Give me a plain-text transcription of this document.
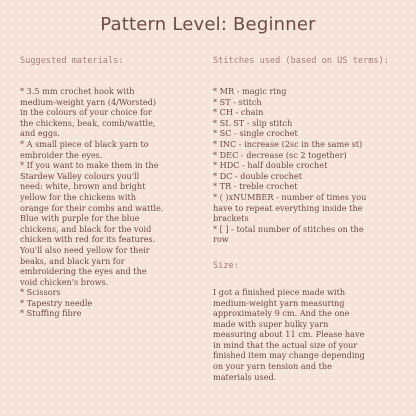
Pattern Level: Beginner
Suggested materials:
* 3.5 mm crochet hook with
medium-weight yarn (4/Worsted)
in the colours of your choice for
the chickens, beak, comb/wattle,
and eggs.
* A small piece of black yarn to
embroider the eyes.
* If you want to make them in the
Stardew Valley colours you'll
need: white, brown and bright
yellow for the chickens with
orange for their combs and wattle.
Blue with purple for the blue
chickens, and black for the void
chicken with red for its features.
You'll also need yellow for their
beaks, and black yarn for
embroidering the eyes and the
void chicken's brows.
* Scissors
* Tapestry needle
* Stuffing fibre
Stitches used (based on US terms):
* MR - magic ring
* ST - stitch
* CH - chain
* SL ST - slip stitch
* SC - single crochet
* INC - increase (2sc in the same st)
* DEC - decrease (sc 2 together)
* HDC - half double crochet
* DC - double crochet
* TR - treble crochet
* ( )xNUMBER - number of times you
have to repeat everything inside the
brackets
* [ ] - total number of stitches on the
row
Size:
I got a finished piece made with
medium-weight yarn measuring
approximately 9 cm. And the one
made with super bulky yarn
measuring about 11 cm. Please have
in mind that the actual size of your
finished item may change depending
on your yarn tension and the
materials used.
